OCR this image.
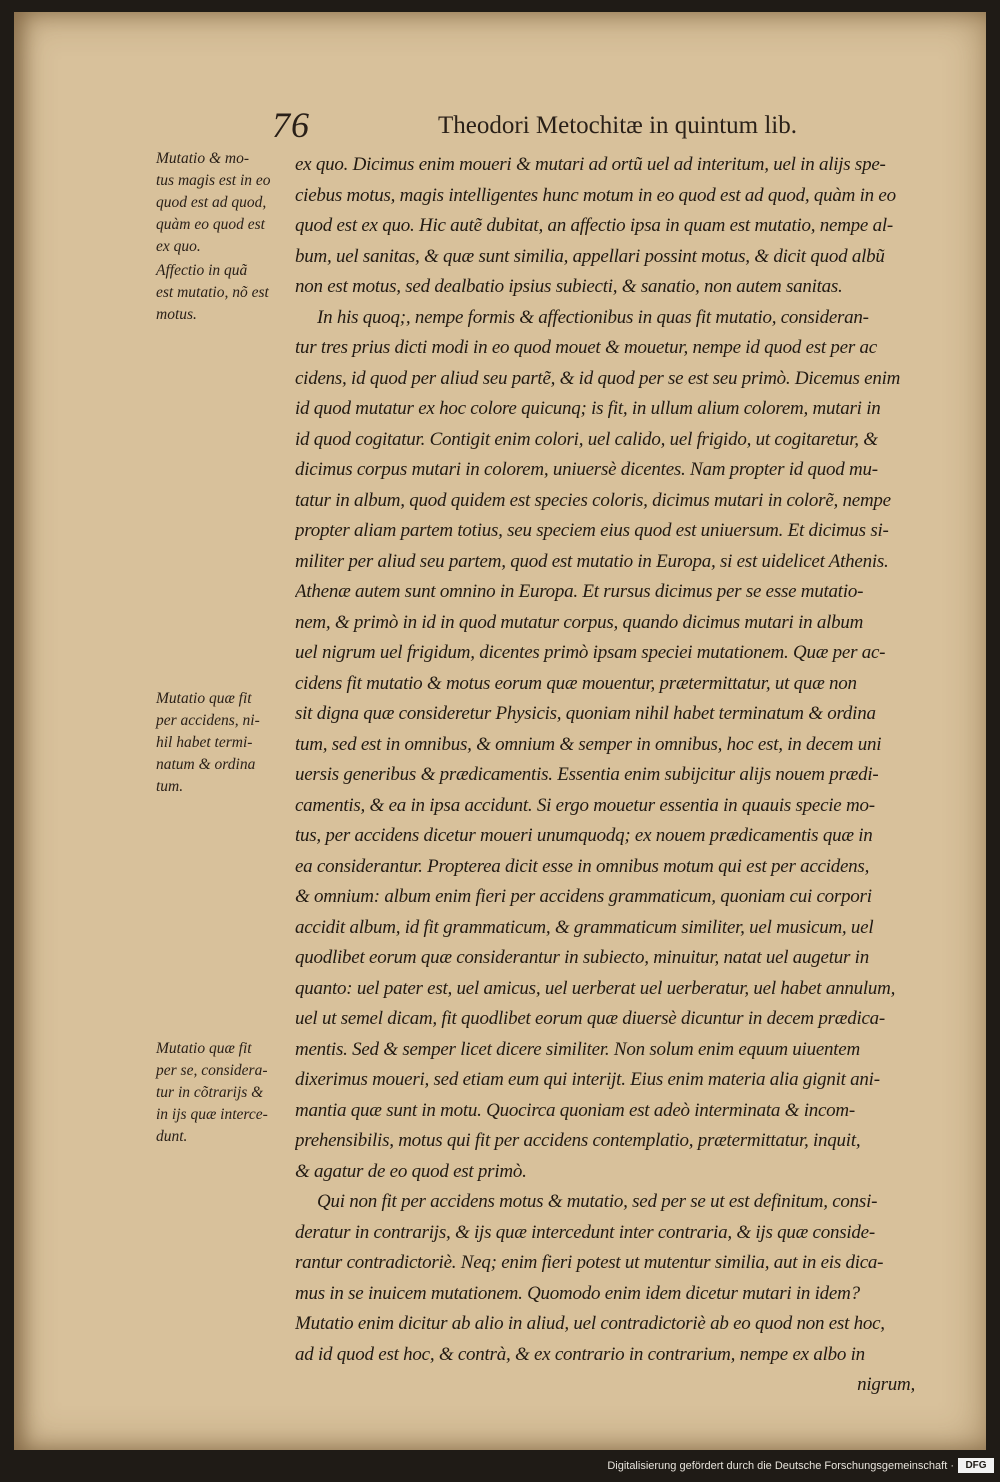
76	Theodori Metochitæ in quintum lib.
Mutatio & mo-
tus magis est in eo
quod est ad quod,
quàm eo quod est
ex quo.
Affectio in quã
est mutatio, nõ est
motus.
Mutatio quæ fit
per accidens, ni-
hil habet termi-
natum & ordina
tum.
Mutatio quæ fit
per se, considera-
tur in cõtrarijs &
in ijs quæ interce-
dunt.
ex quo. Dicimus enim moueri & mutari ad ortũ uel ad interitum, uel in alijs spe-
ciebus motus, magis intelligentes hunc motum in eo quod est ad quod, quàm in eo
quod est ex quo. Hic autẽ dubitat, an affectio ipsa in quam est mutatio, nempe al-
bum, uel sanitas, & quæ sunt similia, appellari possint motus, & dicit quod albũ
non est motus, sed dealbatio ipsius subiecti, & sanatio, non autem sanitas.
In his quoq;, nempe formis & affectionibus in quas fit mutatio, consideran-
tur tres prius dicti modi in eo quod mouet & mouetur, nempe id quod est per ac
cidens, id quod per aliud seu partẽ, & id quod per se est seu primò. Dicemus enim
id quod mutatur ex hoc colore quicunq; is fit, in ullum alium colorem, mutari in
id quod cogitatur. Contigit enim colori, uel calido, uel frigido, ut cogitaretur, &
dicimus corpus mutari in colorem, uniuersè dicentes. Nam propter id quod mu-
tatur in album, quod quidem est species coloris, dicimus mutari in colorẽ, nempe
propter aliam partem totius, seu speciem eius quod est uniuersum. Et dicimus si-
militer per aliud seu partem, quod est mutatio in Europa, si est uidelicet Athenis.
Athenæ autem sunt omnino in Europa. Et rursus dicimus per se esse mutatio-
nem, & primò in id in quod mutatur corpus, quando dicimus mutari in album
uel nigrum uel frigidum, dicentes primò ipsam speciei mutationem. Quæ per ac-
cidens fit mutatio & motus eorum quæ mouentur, prætermittatur, ut quæ non
sit digna quæ consideretur Physicis, quoniam nihil habet terminatum & ordina
tum, sed est in omnibus, & omnium & semper in omnibus, hoc est, in decem uni
uersis generibus & prædicamentis. Essentia enim subijcitur alijs nouem prædi-
camentis, & ea in ipsa accidunt. Si ergo mouetur essentia in quauis specie mo-
tus, per accidens dicetur moueri unumquodq; ex nouem prædicamentis quæ in
ea considerantur. Propterea dicit esse in omnibus motum qui est per accidens,
& omnium: album enim fieri per accidens grammaticum, quoniam cui corpori
accidit album, id fit grammaticum, & grammaticum similiter, uel musicum, uel
quodlibet eorum quæ considerantur in subiecto, minuitur, natat uel augetur in
quanto: uel pater est, uel amicus, uel uerberat uel uerberatur, uel habet annulum,
uel ut semel dicam, fit quodlibet eorum quæ diuersè dicuntur in decem prædica-
mentis. Sed & semper licet dicere similiter. Non solum enim equum uiuentem
dixerimus moueri, sed etiam eum qui interijt. Eius enim materia alia gignit ani-
mantia quæ sunt in motu. Quocirca quoniam est adeò interminata & incom-
prehensibilis, motus qui fit per accidens contemplatio, prætermittatur, inquit,
& agatur de eo quod est primò.
Qui non fit per accidens motus & mutatio, sed per se ut est definitum, consi-
deratur in contrarijs, & ijs quæ intercedunt inter contraria, & ijs quæ conside-
rantur contradictoriè. Neq; enim fieri potest ut mutentur similia, aut in eis dica-
mus in se inuicem mutationem. Quomodo enim idem dicetur mutari in idem?
Mutatio enim dicitur ab alio in aliud, uel contradictoriè ab eo quod non est hoc,
ad id quod est hoc, & contrà, & ex contrario in contrarium, nempe ex albo in
nigrum,
Digitalisierung gefördert durch die Deutsche Forschungsgemeinschaft ·	DFG
